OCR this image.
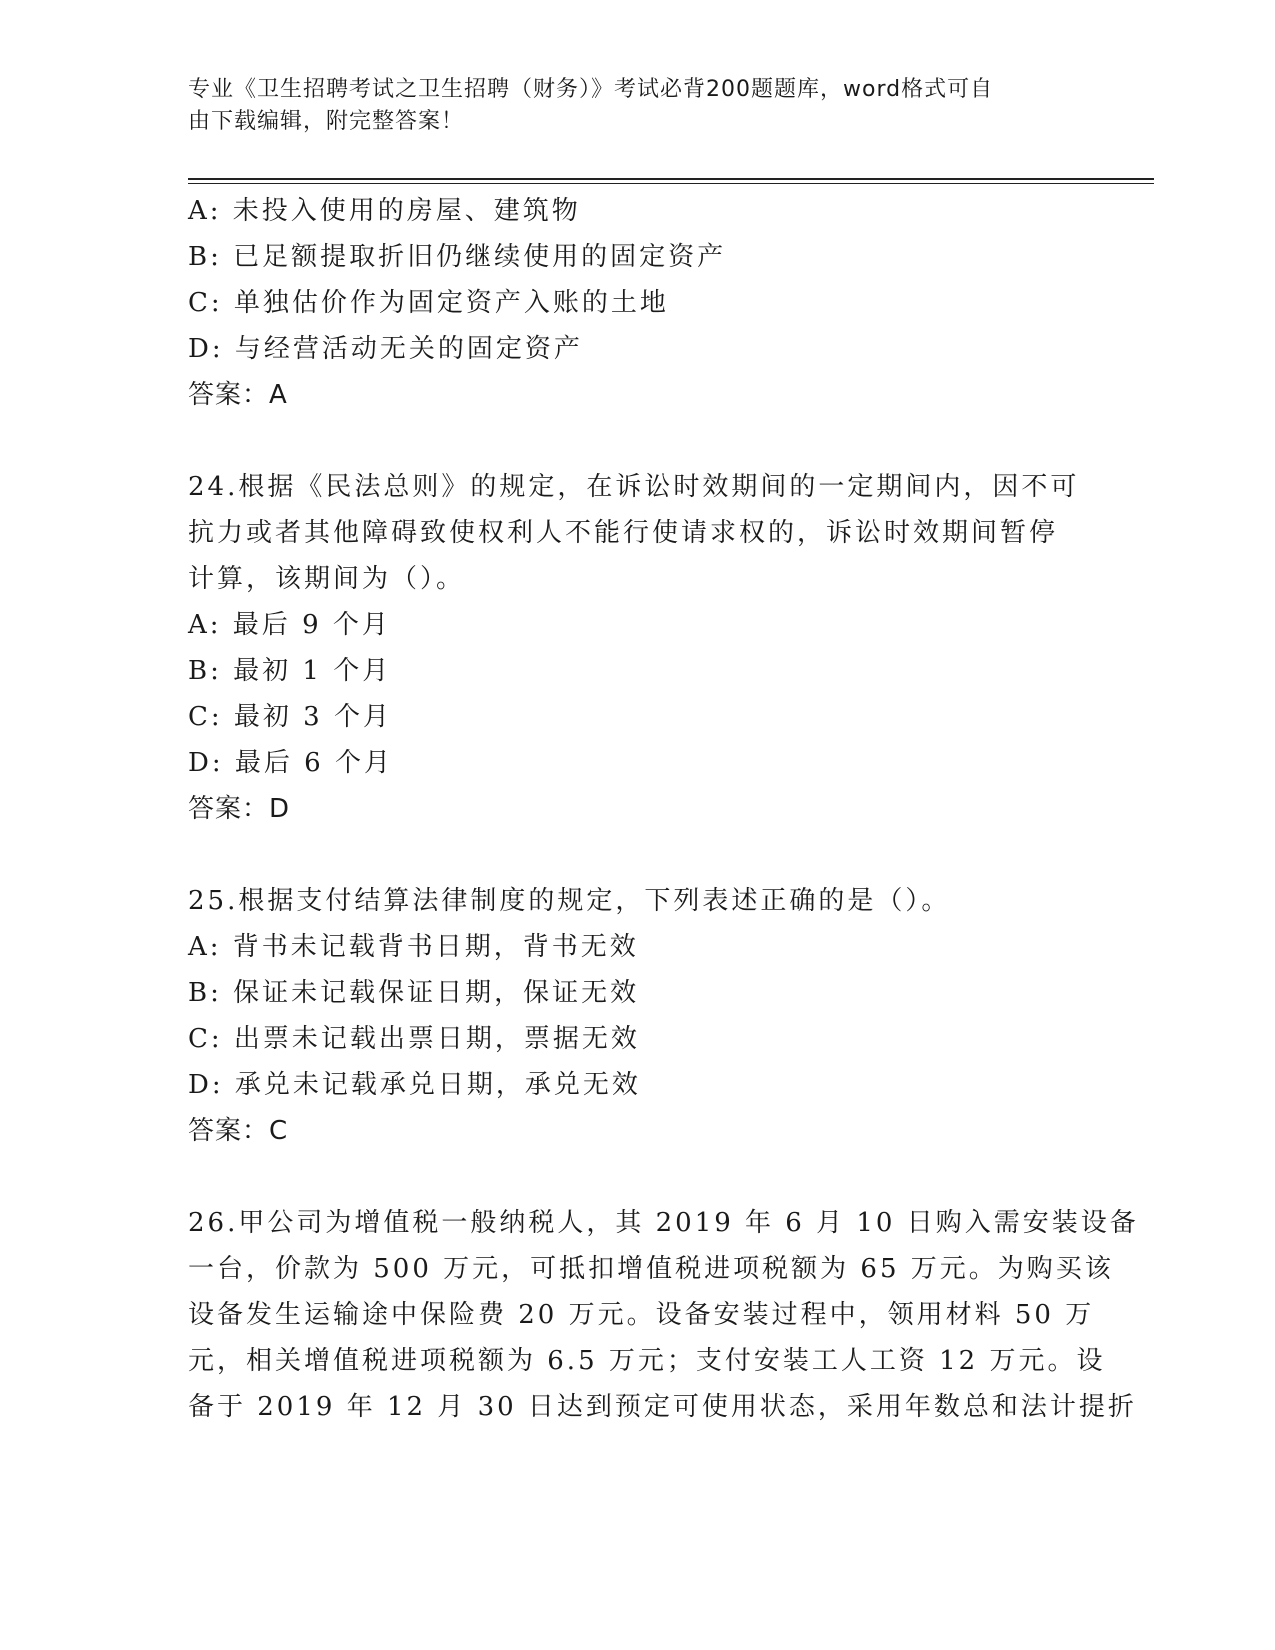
专业《卫生招聘考试之卫生招聘（财务）》考试必背200题题库，word格式可自
由下载编辑，附完整答案！
A: 未投入使用的房屋、建筑物
B: 已足额提取折旧仍继续使用的固定资产
C: 单独估价作为固定资产入账的土地
D: 与经营活动无关的固定资产
答案：A
24.根据《民法总则》的规定，在诉讼时效期间的一定期间内，因不可
抗力或者其他障碍致使权利人不能行使请求权的，诉讼时效期间暂停
计算，该期间为（）。
A: 最后 9 个月
B: 最初 1 个月
C: 最初 3 个月
D: 最后 6 个月
答案：D
25.根据支付结算法律制度的规定，下列表述正确的是（）。
A: 背书未记载背书日期，背书无效
B: 保证未记载保证日期，保证无效
C: 出票未记载出票日期，票据无效
D: 承兑未记载承兑日期，承兑无效
答案：C
26.甲公司为增值税一般纳税人，其 2019 年 6 月 10 日购入需安装设备
一台，价款为 500 万元，可抵扣增值税进项税额为 65 万元。为购买该
设备发生运输途中保险费 20 万元。设备安装过程中，领用材料 50 万
元，相关增值税进项税额为 6.5 万元；支付安装工人工资 12 万元。设
备于 2019 年 12 月 30 日达到预定可使用状态，采用年数总和法计提折
